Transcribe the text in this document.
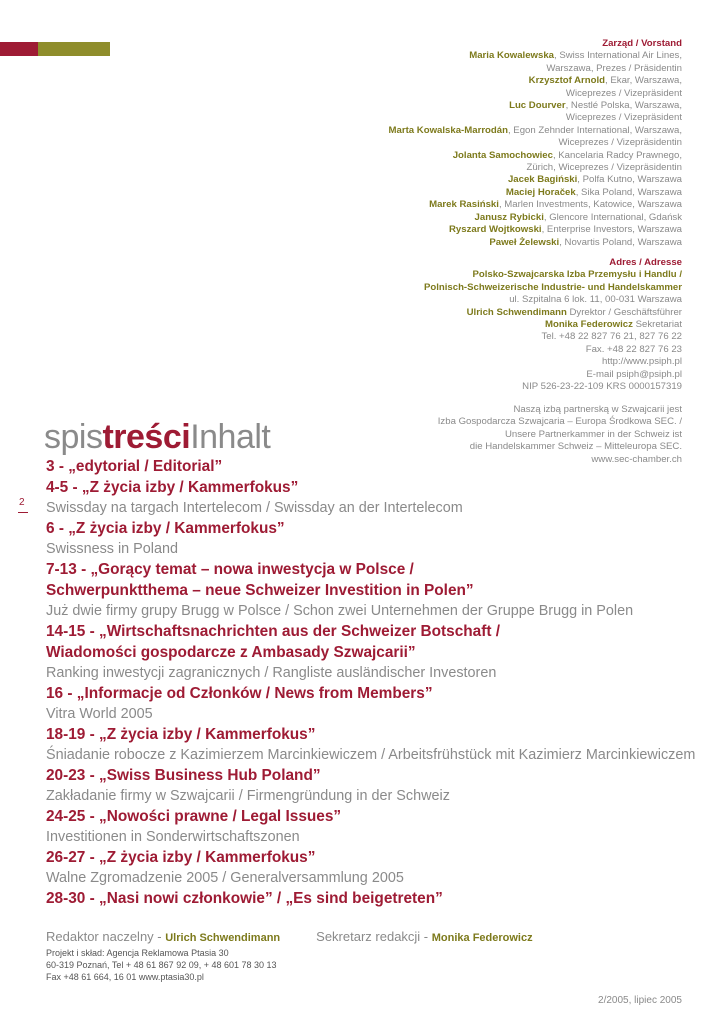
Zarząd / Vorstand
Maria Kowalewska, Swiss International Air Lines,
Warszawa, Prezes / Präsidentin
Krzysztof Arnold, Ekar, Warszawa,
Wiceprezes / Vizepräsident
Luc Dourver, Nestlé Polska, Warszawa,
Wiceprezes / Vizepräsident
Marta Kowalska-Marrodán, Egon Zehnder International, Warszawa,
Wiceprezes / Vizepräsidentin
Jolanta Samochowiec, Kancelaria Radcy Prawnego,
Zürich, Wiceprezes / Vizepräsidentin
Jacek Bagiński, Polfa Kutno, Warszawa
Maciej Horaček, Sika Poland, Warszawa
Marek Rasiński, Marlen Investments, Katowice, Warszawa
Janusz Rybicki, Glencore International, Gdańsk
Ryszard Wojtkowski, Enterprise Investors, Warszawa
Paweł Żelewski, Novartis Poland, Warszawa
Adres / Adresse
Polsko-Szwajcarska Izba Przemysłu i Handlu /
Polnisch-Schweizerische Industrie- und Handelskammer
ul. Szpitalna 6 lok. 11, 00-031 Warszawa
Ulrich Schwendimann Dyrektor / Geschäftsführer
Monika Federowicz Sekretariat
Tel. +48 22 827 76 21, 827 76 22
Fax. +48 22 827 76 23
http://www.psiph.pl
E-mail psiph@psiph.pl
NIP 526-23-22-109 KRS 0000157319
Naszą izbą partnerską w Szwajcarii jest
Izba Gospodarcza Szwajcaria – Europa Środkowa SEC. /
Unsere Partnerkammer in der Schweiz ist
die Handelskammer Schweiz – Mitteleuropa SEC.
www.sec-chamber.ch
spistreściInhalt
2
3 - „edytorial / Editorial”
4-5 - „Z życia izby / Kammerfokus”
Swissday na targach Intertelecom / Swissday an der Intertelecom
6 - „Z życia izby / Kammerfokus”
Swissness in Poland
7-13 - „Gorący temat – nowa inwestycja w Polsce /
Schwerpunktthema – neue Schweizer Investition in Polen”
Już dwie firmy grupy Brugg w Polsce / Schon zwei Unternehmen der Gruppe Brugg in Polen
14-15 - „Wirtschaftsnachrichten aus der Schweizer Botschaft /
Wiadomości gospodarcze z Ambasady Szwajcarii”
Ranking inwestycji zagranicznych / Rangliste ausländischer Investoren
16 - „Informacje od Członków / News from Members”
Vitra World 2005
18-19 - „Z życia izby / Kammerfokus”
Śniadanie robocze z Kazimierzem Marcinkiewiczem / Arbeitsfrühstück mit Kazimierz Marcinkiewiczem
20-23 - „Swiss Business Hub Poland”
Zakładanie firmy w Szwajcarii / Firmengründung in der Schweiz
24-25 - „Nowości prawne / Legal Issues”
Investitionen in Sonderwirtschaftszonen
26-27 - „Z życia izby / Kammerfokus”
Walne Zgromadzenie 2005 / Generalversammlung 2005
28-30 - „Nasi nowi członkowie” / „Es sind beigetreten”
Redaktor naczelny - Ulrich Schwendimann	Sekretarz redakcji - Monika Federowicz
Projekt i skład: Agencja Reklamowa Ptasia 30
60-319 Poznań, Tel + 48 61 867 92 09, + 48 601 78 30 13
Fax +48 61 664, 16 01 www.ptasia30.pl
2/2005, lipiec 2005
